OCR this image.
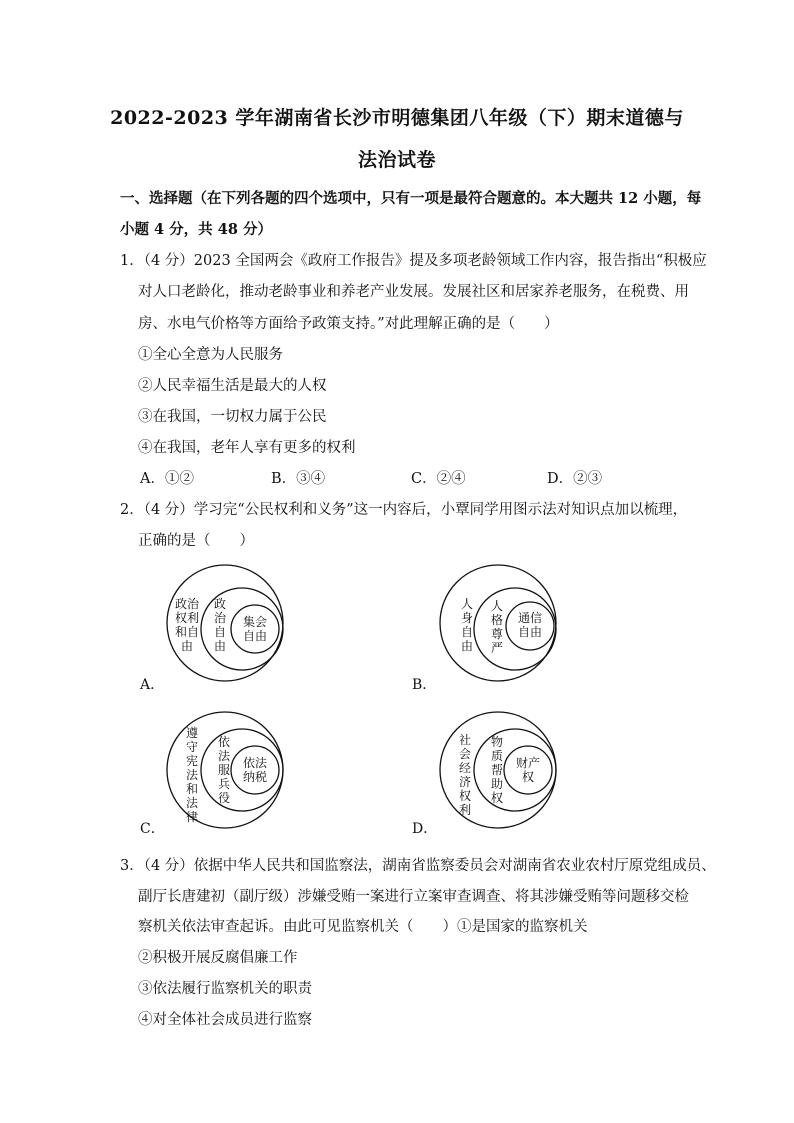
2022-2023 学年湖南省长沙市明德集团八年级（下）期末道德与
法治试卷
一、选择题（在下列各题的四个选项中，只有一项是最符合题意的。本大题共 12 小题，每
小题 4 分，共 48 分）
1．（4 分）2023 全国两会《政府工作报告》提及多项老龄领域工作内容，报告指出“积极应
对人口老龄化，推动老龄事业和养老产业发展。发展社区和居家养老服务，在税费、用
房、水电气价格等方面给予政策支持。”对此理解正确的是（　　）
①全心全意为人民服务
②人民幸福生活是最大的人权
③在我国，一切权力属于公民
④在我国，老年人享有更多的权利
A．①②	B．③④	C．②④	D．②③
2．（4 分）学习完“公民权利和义务”这一内容后，小覃同学用图示法对知识点加以梳理，
正确的是（　　）
政治权利和自由
政治自由
集会自由
A．
人身自由
人格尊严
通信自由
B．
遵守宪法和法律
依法服兵役
依法纳税
C．
社会经济权利
物质帮助权
财产权
D．
3．（4 分）依据中华人民共和国监察法，湖南省监察委员会对湖南省农业农村厅原党组成员、
副厅长唐建初（副厅级）涉嫌受贿一案进行立案审查调查、将其涉嫌受贿等问题移交检
察机关依法审查起诉。由此可见监察机关（　　）①是国家的监察机关
②积极开展反腐倡廉工作
③依法履行监察机关的职责
④对全体社会成员进行监察
